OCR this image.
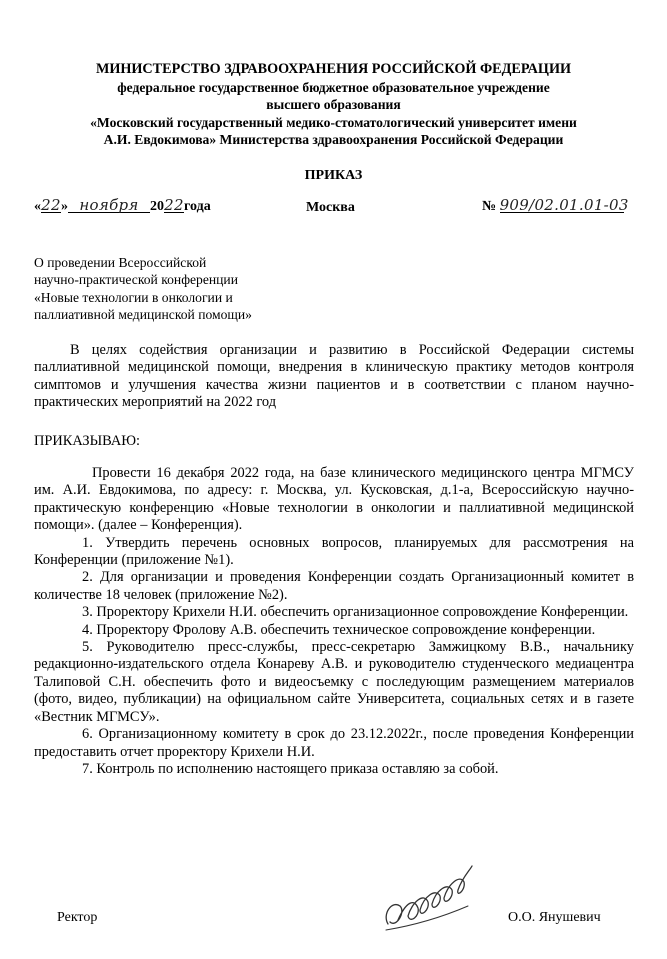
МИНИСТЕРСТВО ЗДРАВООХРАНЕНИЯ РОССИЙСКОЙ ФЕДЕРАЦИИ
федеральное государственное бюджетное образовательное учреждение
высшего образования
«Московский государственный медико-стоматологический университет имени
А.И. Евдокимова» Министерства здравоохранения Российской Федерации
ПРИКАЗ
«22» ноября 2022года	Москва	№ 909/02.01.01-03
О проведении Всероссийской
научно-практической конференции
«Новые технологии в онкологии и
паллиативной медицинской помощи»
В целях содействия организации и развитию в Российской Федерации системы паллиативной медицинской помощи, внедрения в клиническую практику методов контроля симптомов и улучшения качества жизни пациентов и в соответствии с планом научно-практических мероприятий на 2022 год
ПРИКАЗЫВАЮ:

Провести 16 декабря 2022 года, на базе клинического медицинского центра МГМСУ им. А.И. Евдокимова, по адресу: г. Москва, ул. Кусковская, д.1-а, Всероссийскую научно-практическую конференцию «Новые технологии в онкологии и паллиативной медицинской помощи». (далее – Конференция).

1. Утвердить перечень основных вопросов, планируемых для рассмотрения на Конференции (приложение №1).

2. Для организации и проведения Конференции создать Организационный комитет в количестве 18 человек (приложение №2).

3. Проректору Крихели Н.И. обеспечить организационное сопровождение Конференции.

4. Проректору Фролову А.В. обеспечить техническое сопровождение конференции.

5. Руководителю пресс-службы, пресс-секретарю Замжицкому В.В., начальнику редакционно-издательского отдела Конареву А.В. и руководителю студенческого медиацентра Талиповой С.Н. обеспечить фото и видеосъемку с последующим размещением материалов (фото, видео, публикации) на официальном сайте Университета, социальных сетях и в газете «Вестник МГМСУ».

6. Организационному комитету в срок до 23.12.2022г., после проведения Конференции предоставить отчет проректору Крихели Н.И.

7. Контроль по исполнению настоящего приказа оставляю за собой.

Ректор	О.О. Янушевич
